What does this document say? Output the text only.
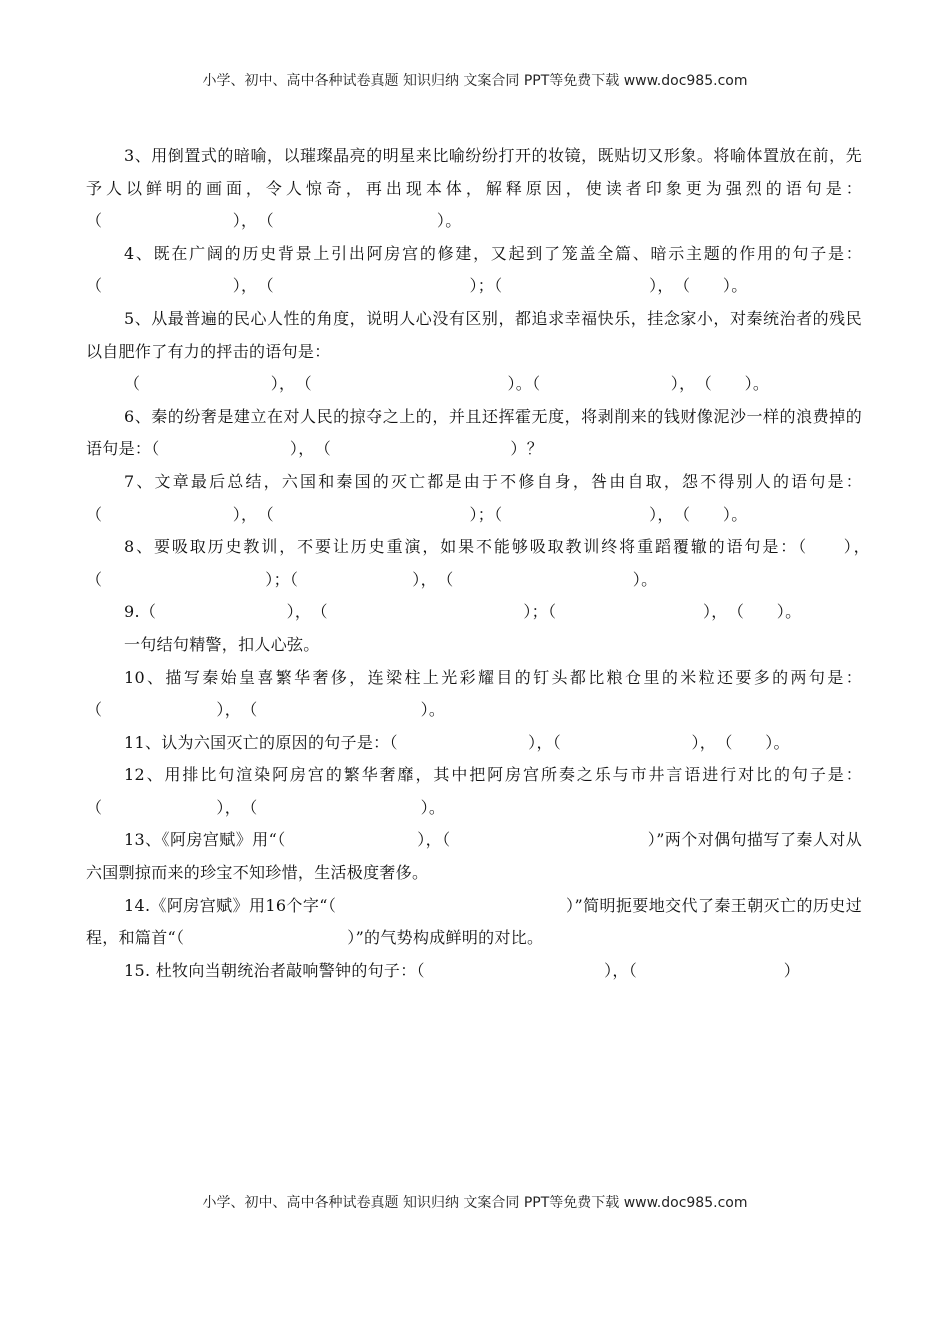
小学、初中、高中各种试卷真题 知识归纳 文案合同 PPT等免费下载 www.doc985.com

3、用倒置式的暗喻，以璀璨晶亮的明星来比喻纷纷打开的妆镜，既贴切又形象。将喻体置放在前，先予人以鲜明的画面，令人惊奇，再出现本体，解释原因，使读者印象更为强烈的语句是：（　　　　　　　　），　（　　　　　　　　　　）。

4、既在广阔的历史背景上引出阿房宫的修建，又起到了笼盖全篇、暗示主题的作用的句子是：（　　　　　　　　），　（　　　　　　　　　　　　）；（　　　　　　　　　），　（　　）。

5、从最普遍的民心人性的角度，说明人心没有区别，都追求幸福快乐，挂念家小，对秦统治者的残民以自肥作了有力的抨击的语句是：

（　　　　　　　　），　（　　　　　　　　　　　　）。（　　　　　　　　），　（　　）。

6、秦的纷奢是建立在对人民的掠夺之上的，并且还挥霍无度，将剥削来的钱财像泥沙一样的浪费掉的语句是：（　　　　　　　　），　（　　　　　　　　　　　）？

7、文章最后总结，六国和秦国的灭亡都是由于不修自身，咎由自取，怨不得别人的语句是：（　　　　　　　　），　（　　　　　　　　　　　　）；（　　　　　　　　　），　（　　）。

8、要吸取历史教训，不要让历史重演，如果不能够吸取教训终将重蹈覆辙的语句是：（　　），　（　　　　　　　　　　）；（　　　　　　　），　（　　　　　　　　　　　）。

9.（　　　　　　　　），　（　　　　　　　　　　　　）；（　　　　　　　　　），　（　　）。

一句结句精警，扣人心弦。

10、描写秦始皇喜繁华奢侈，连梁柱上光彩耀目的钉头都比粮仓里的米粒还要多的两句是：（　　　　　　　），　（　　　　　　　　　　）。

11、认为六国灭亡的原因的句子是：（　　　　　　　　），（　　　　　　　　），　（　　）。

12、用排比句渲染阿房宫的繁华奢靡，其中把阿房宫所奏之乐与市井言语进行对比的句子是：（　　　　　　　），　（　　　　　　　　　　）。

13、《阿房宫赋》用“（　　　　　　　　），（　　　　　　　　　　　　）”两个对偶句描写了秦人对从六国剽掠而来的珍宝不知珍惜，生活极度奢侈。

14.《阿房宫赋》用16个字“（　　　　　　　　　　　　　　）”简明扼要地交代了秦王朝灭亡的历史过程，和篇首“（　　　　　　　　　　）”的气势构成鲜明的对比。

15. 杜牧向当朝统治者敲响警钟的句子：（　　　　　　　　　　　），（　　　　　　　　　）

小学、初中、高中各种试卷真题 知识归纳 文案合同 PPT等免费下载 www.doc985.com
